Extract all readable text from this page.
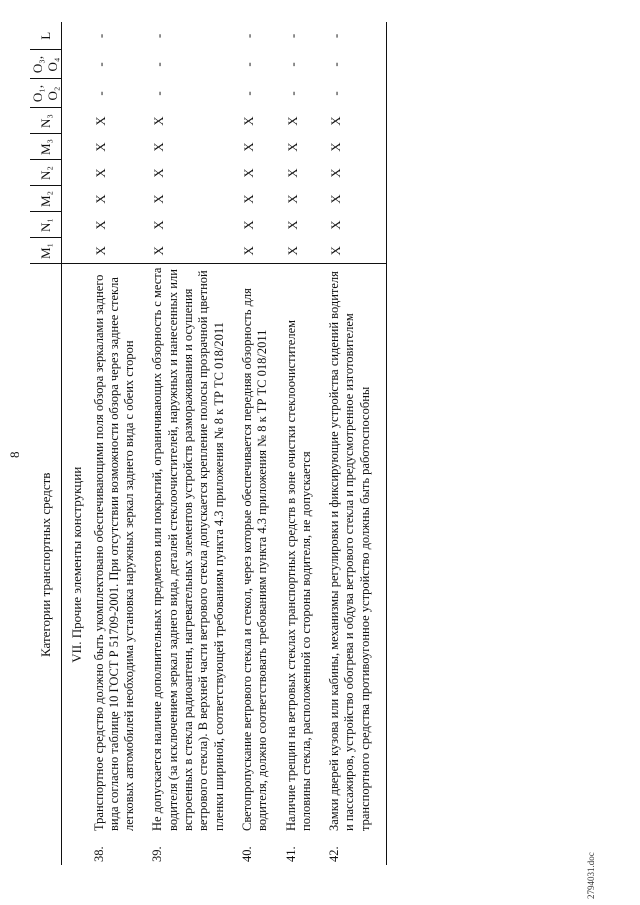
8
Категории транспортных средств	M₁	N₁	M₂	N₂	M₃	N₃	O₁, O₂	O₃, O₄	L
VII. Прочие элементы конструкции									
38.Транспортное средство должно быть укомплектовано обеспечивающими поля обзора зеркалами заднего вида согласно таблице 10 ГОСТ Р 51709-2001. При отсутствии возможности обзора через заднее стекла легковых автомобилей необходима установка наружных зеркал заднего вида с обеих сторон	X	X	X	X	X	X	-	-	-
39.Не допускается наличие дополнительных предметов или покрытий, ограничивающих обзорность с места водителя (за исключением зеркал заднего вида, деталей стеклоочистителей, наружных и нанесенных или встроенных в стекла радиоантенн, нагревательных элементов устройств размораживания и осушения ветрового стекла). В верхней части ветрового стекла допускается крепление полосы прозрачной цветной пленки шириной, соответствующей требованиям пункта 4.3 приложения № 8 к ТР ТС 018/2011	X	X	X	X	X	X	-	-	-
40.Светопропускание ветрового стекла и стекол, через которые обеспечивается передняя обзорность для водителя, должно соответствовать требованиям пункта 4.3 приложения № 8 к ТР ТС 018/2011	X	X	X	X	X	X	-	-	-
41.Наличие трещин на ветровых стеклах транспортных средств в зоне очистки стеклоочистителем половины стекла, расположенной со стороны водителя, не допускается	X	X	X	X	X	X	-	-	-
42.Замки дверей кузова или кабины, механизмы регулировки и фиксирующие устройства сидений водителя и пассажиров, устройство обогрева и обдува ветрового стекла и предусмотренное изготовителем транспортного средства противоугонное устройство должны быть работоспособны	X	X	X	X	X	X	-	-	-
2794031.doc
